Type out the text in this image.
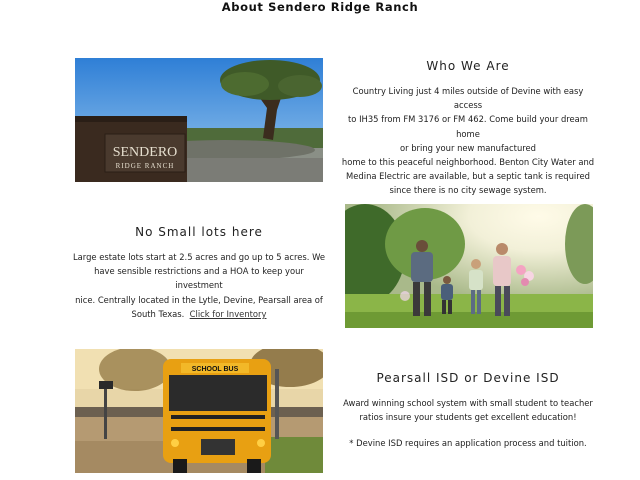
About Sendero Ridge Ranch
SENDERO
RIDGE RANCH
Who We Are

Country Living just 4 miles outside of Devine with easy access
to IH35 from FM 3176 or FM 462. Come build your dream home
or bring your new manufactured
home to this peaceful neighborhood. Benton City Water and
Medina Electric are available, but a septic tank is required
since there is no city sewage system.

No Small lots here

Large estate lots start at 2.5 acres and go up to 5 acres. We
have sensible restrictions and a HOA to keep your investment
nice. Centrally located in the Lytle, Devine, Pearsall area of
South Texas. Click for Inventory

SCHOOL BUS
Pearsall ISD or Devine ISD

Award winning school system with small student to teacher
ratios insure your students get excellent education!
* Devine ISD requires an application process and tuition.
